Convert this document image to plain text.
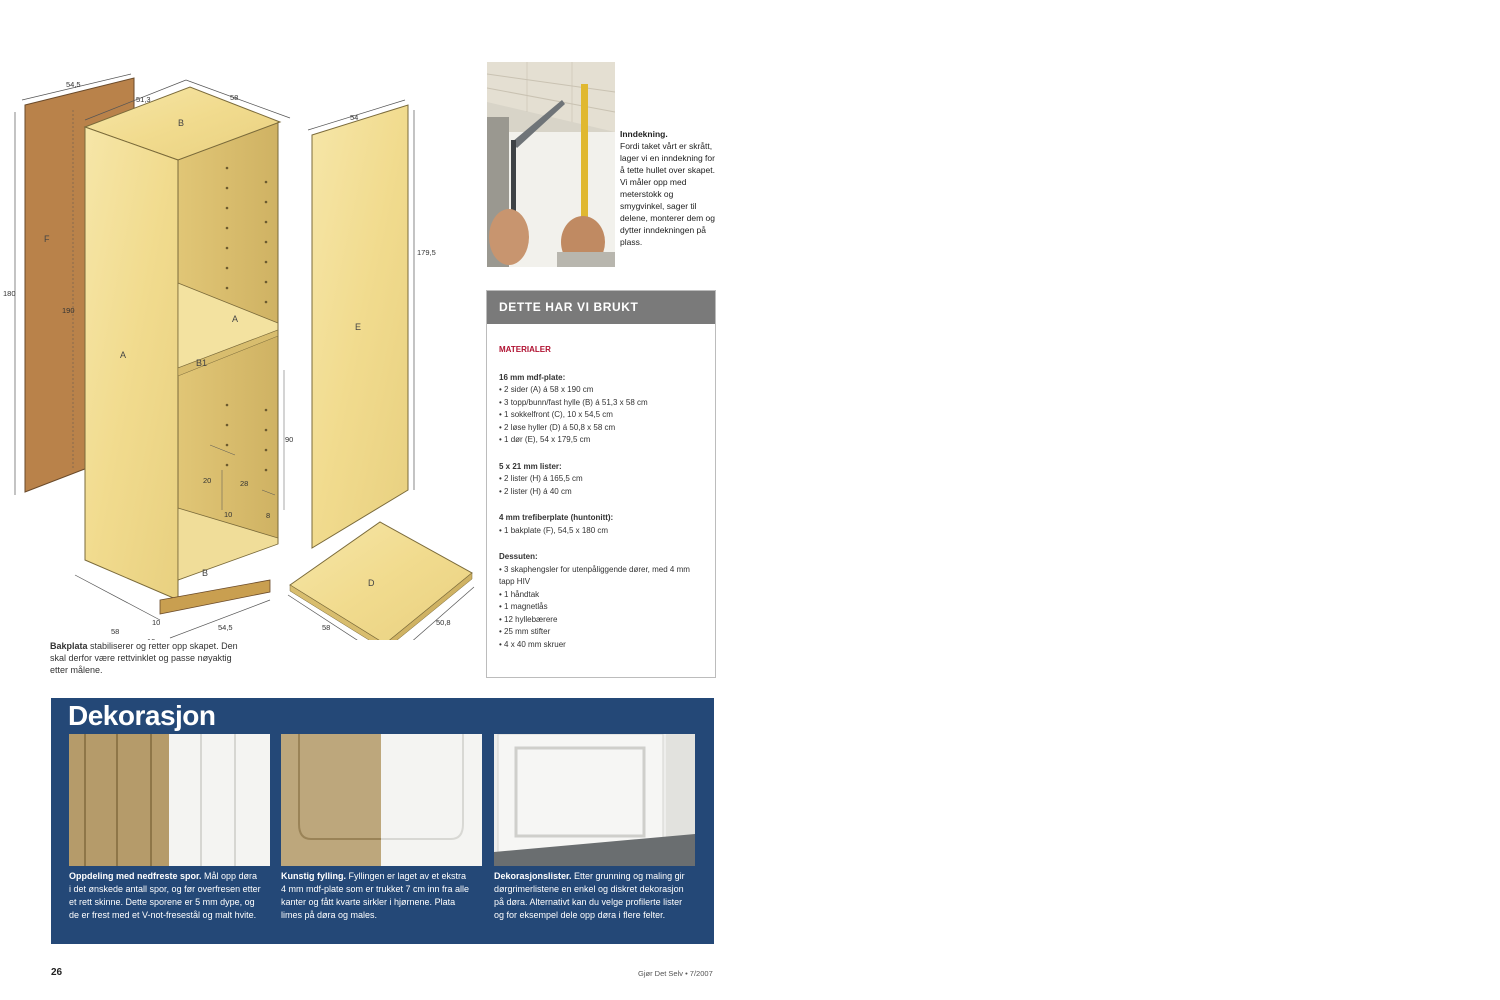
B
A
A
B1
B
F
E
D
54,5
180
190
51,3	58
54
179,5
90
20	28
10	8
58	54,5
10
58
50,8
Bakplata stabiliserer og retter opp skapet. Den skal derfor være rettvinklet og passe nøyaktig etter målene.
Inndekning.
Fordi taket vårt er skrått, lager vi en inndekning for å tette hullet over skapet. Vi måler opp med meterstokk og smygvinkel, sager til delene, monterer dem og dytter inndekningen på plass.
DETTE HAR VI BRUKT
MATERIALER
16 mm mdf-plate:
• 2 sider (A) á 58 x 190 cm
• 3 topp/bunn/fast hylle (B) á 51,3 x 58 cm
• 1 sokkelfront (C), 10 x 54,5 cm
• 2 løse hyller (D) á 50,8 x 58 cm
• 1 dør (E), 54 x 179,5 cm
5 x 21 mm lister:
• 2 lister (H) á 165,5 cm
• 2 lister (H) á 40 cm
4 mm trefiberplate (huntonitt):
• 1 bakplate (F), 54,5 x 180 cm
Dessuten:
• 3 skaphengsler for utenpåliggende dører, med 4 mm tapp HIV
• 1 håndtak
• 1 magnetlås
• 12 hyllebærere
• 25 mm stifter
• 4 x 40 mm skruer
Dekorasjon
Oppdeling med nedfreste spor. Mål opp dørа i det ønskede antall spor, og før overfresen etter et rett skinne. Dette sporene er 5 mm dype, og de er frest med et V-not-fresestål og malt hvite.
Kunstig fylling. Fyllingen er laget av et ekstra 4 mm mdf-plate som er trukket 7 cm inn fra alle kanter og fått kvarte sirkler i hjørnene. Plata limes på døra og males.
Dekorasjonslister. Etter grunning og maling gir dørgrimerlistene en enkel og diskret dekorasjon på døra. Alternativt kan du velge profilerte lister og for eksempel dele opp døra i flere felter.
26	Gjør Det Selv • 7/2007
